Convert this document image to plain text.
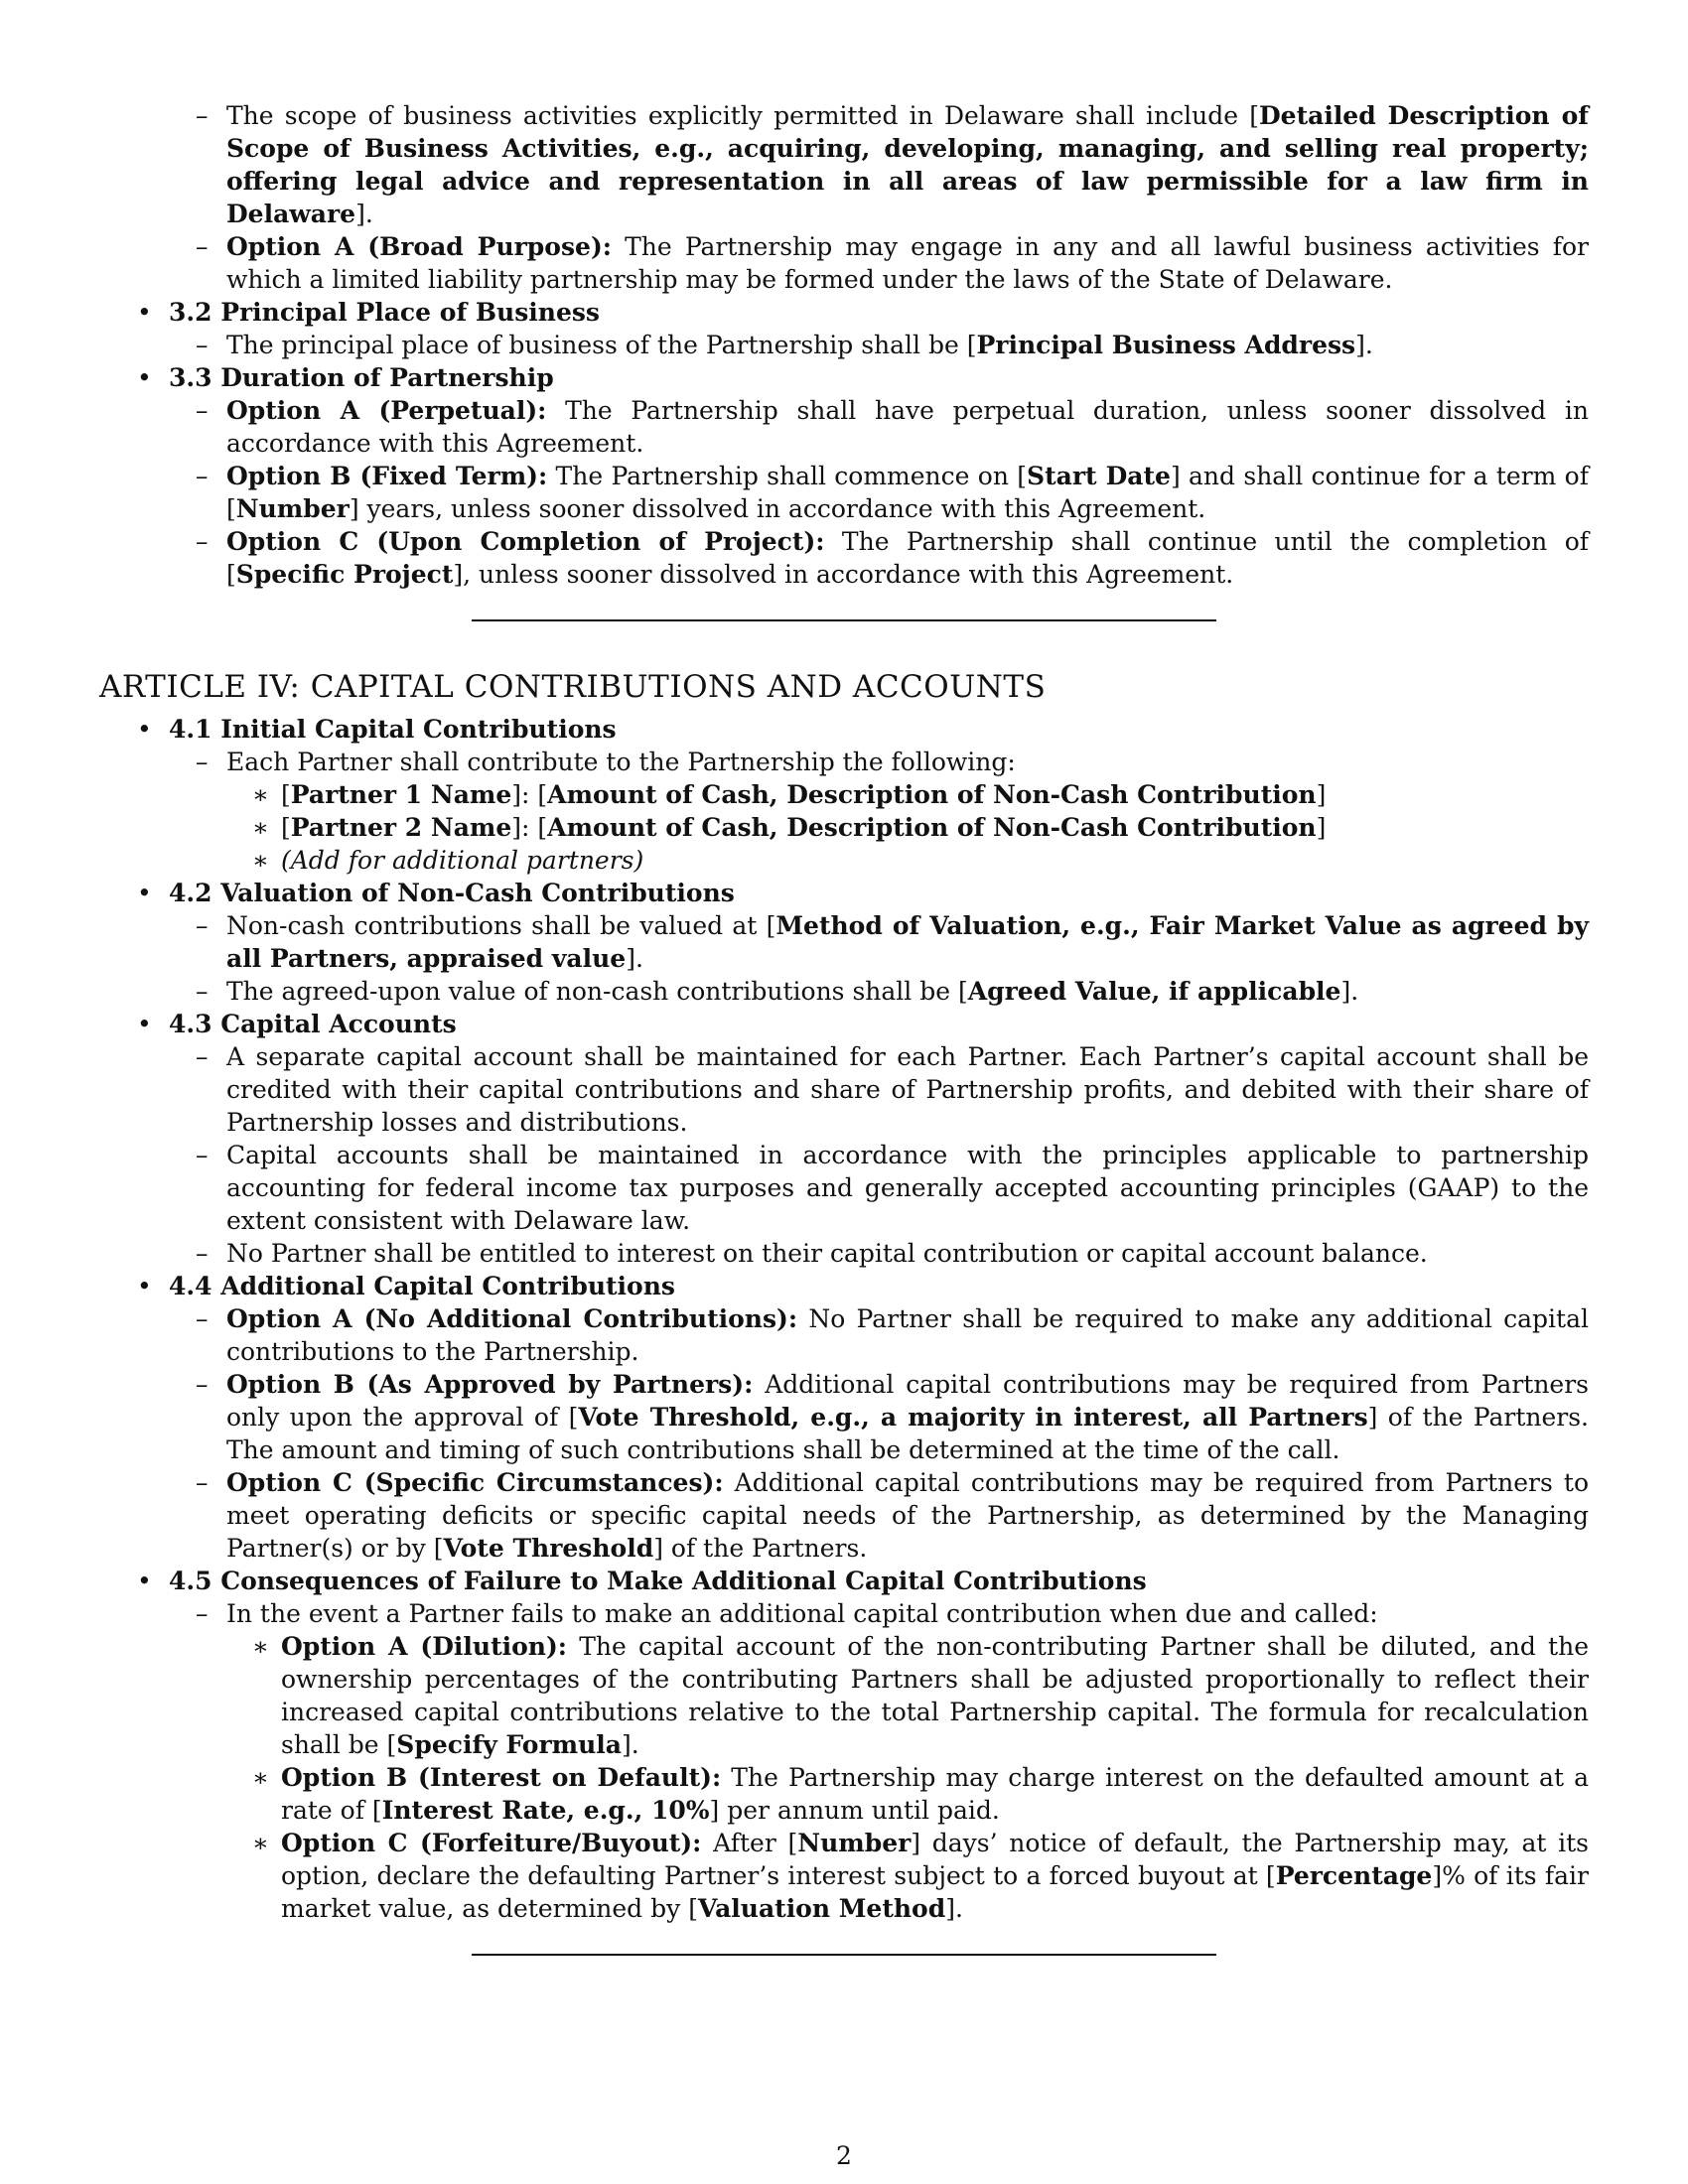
– The scope of business activities explicitly permitted in Delaware shall include [Detailed Description of Scope of Business Activities, e.g., acquiring, developing, managing, and selling real property; offering legal advice and representation in all areas of law permissible for a law firm in Delaware].
– Option A (Broad Purpose): The Partnership may engage in any and all lawful business activities for which a limited liability partnership may be formed under the laws of the State of Delaware.
• 3.2 Principal Place of Business
– The principal place of business of the Partnership shall be [Principal Business Address].
• 3.3 Duration of Partnership
– Option A (Perpetual): The Partnership shall have perpetual duration, unless sooner dissolved in accordance with this Agreement.
– Option B (Fixed Term): The Partnership shall commence on [Start Date] and shall continue for a term of [Number] years, unless sooner dissolved in accordance with this Agreement.
– Option C (Upon Completion of Project): The Partnership shall continue until the completion of [Specific Project], unless sooner dissolved in accordance with this Agreement.
ARTICLE IV: CAPITAL CONTRIBUTIONS AND ACCOUNTS
• 4.1 Initial Capital Contributions
– Each Partner shall contribute to the Partnership the following:
∗ [Partner 1 Name]: [Amount of Cash, Description of Non-Cash Contribution]
∗ [Partner 2 Name]: [Amount of Cash, Description of Non-Cash Contribution]
∗ (Add for additional partners)
• 4.2 Valuation of Non-Cash Contributions
– Non-cash contributions shall be valued at [Method of Valuation, e.g., Fair Market Value as agreed by all Partners, appraised value].
– The agreed-upon value of non-cash contributions shall be [Agreed Value, if applicable].
• 4.3 Capital Accounts
– A separate capital account shall be maintained for each Partner. Each Partner’s capital account shall be credited with their capital contributions and share of Partnership profits, and debited with their share of Partnership losses and distributions.
– Capital accounts shall be maintained in accordance with the principles applicable to partnership accounting for federal income tax purposes and generally accepted accounting principles (GAAP) to the extent consistent with Delaware law.
– No Partner shall be entitled to interest on their capital contribution or capital account balance.
• 4.4 Additional Capital Contributions
– Option A (No Additional Contributions): No Partner shall be required to make any additional capital contributions to the Partnership.
– Option B (As Approved by Partners): Additional capital contributions may be required from Partners only upon the approval of [Vote Threshold, e.g., a majority in interest, all Partners] of the Partners. The amount and timing of such contributions shall be determined at the time of the call.
– Option C (Specific Circumstances): Additional capital contributions may be required from Partners to meet operating deficits or specific capital needs of the Partnership, as determined by the Managing Partner(s) or by [Vote Threshold] of the Partners.
• 4.5 Consequences of Failure to Make Additional Capital Contributions
– In the event a Partner fails to make an additional capital contribution when due and called:
∗ Option A (Dilution): The capital account of the non-contributing Partner shall be diluted, and the ownership percentages of the contributing Partners shall be adjusted proportionally to reflect their increased capital contributions relative to the total Partnership capital. The formula for recalculation shall be [Specify Formula].
∗ Option B (Interest on Default): The Partnership may charge interest on the defaulted amount at a rate of [Interest Rate, e.g., 10%] per annum until paid.
∗ Option C (Forfeiture/Buyout): After [Number] days’ notice of default, the Partnership may, at its option, declare the defaulting Partner’s interest subject to a forced buyout at [Percentage]% of its fair market value, as determined by [Valuation Method].
2
